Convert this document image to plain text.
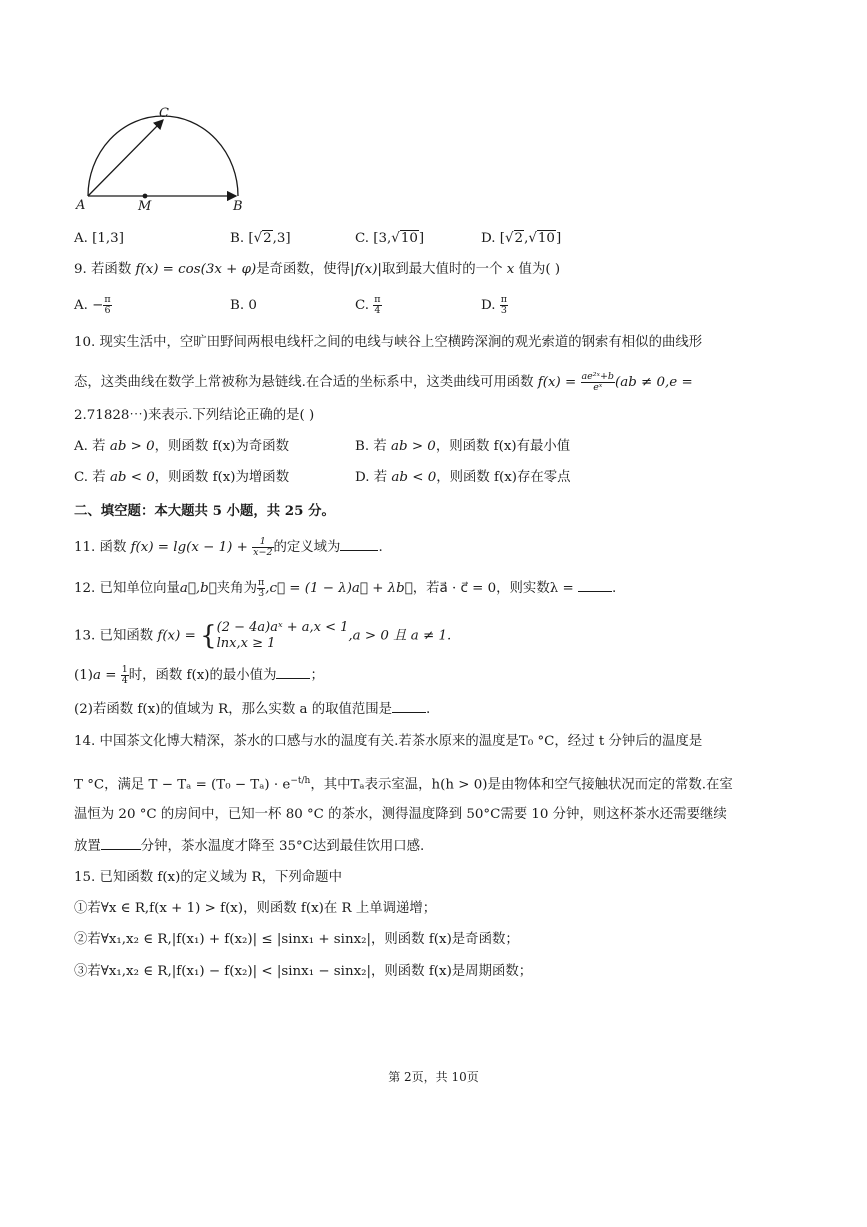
A	M	B
C
A. [1,3]	B. [√2,3]	C. [3,√10]	D. [√2,√10]
9. 若函数 f(x) = cos(3x + φ)是奇函数，使得|f(x)|取到最大值时的一个 x 值为( )
A. − $\frac{\pi}{6}$	B. 0	C. $\frac{\pi}{4}$	D. $\frac{\pi}{3}$
10. 现实生活中，空旷田野间两根电线杆之间的电线与峡谷上空横跨深涧的观光索道的钢索有相似的曲线形
态，这类曲线在数学上常被称为悬链线.在合适的坐标系中，这类曲线可用函数 $f(x) = \frac{\text{ae²ˣ+b}}{\text{eˣ}} (ab \ne 0,e$ =
2.71828⋯)来表示.下列结论正确的是( )
A. 若 ab > 0，则函数 f(x)为奇函数	B. 若 ab > 0，则函数 f(x)有最小值
C. 若 ab < 0，则函数 f(x)为增函数	D. 若 ab < 0，则函数 f(x)存在零点
二、填空题：本大题共 5 小题，共 25 分。
11. 函数 $f(x) = \lg(x - 1) + \frac{1}{x-2}$ 的定义域为	.
12. 已知单位向量a⃗,b⃗夹角为 $\frac{\pi}{3}$ ,c⃗ = (1 − λ)a⃗ + λb⃗，若a⃗ · c⃗ = 0，则实数λ =	.
13. 已知函数 f(x) = { (2 − 4a)aˣ + a,x < 1
lnx,x ≥ 1	,a > 0 且 a ≠ 1.
$(1)a = \frac{1}{4}$ 时，函数 f(x)的最小值为	；
(2)若函数 f(x)的值域为 R，那么实数 a 的取值范围是	.
14. 中国茶文化博大精深，茶水的口感与水的温度有关.若茶水原来的温度是T₀ °C，经过 t 分钟后的温度是
T °C，满足 $T - T_a = (T_0 - T_a) \cdot e^{-t/h}$，其中Tₐ表示室温，h(h > 0)是由物体和空气接触状况而定的常数.在室
温恒为 20 °C 的房间中，已知一杯 80 °C 的茶水，测得温度降到 50°C需要 10 分钟，则这杯茶水还需要继续
放置	分钟，茶水温度才降至 35°C达到最佳饮用口感.
15. 已知函数 f(x)的定义域为 R，下列命题中
①若∀x ∈ R,f(x + 1) > f(x)，则函数 f(x)在 R 上单调递增；
②若∀x₁,x₂ ∈ R,|f(x₁) + f(x₂)| ≤ |sinx₁ + sinx₂|，则函数 f(x)是奇函数；
③若∀x₁,x₂ ∈ R,|f(x₁) − f(x₂)| < |sinx₁ − sinx₂|，则函数 f(x)是周期函数；
第 2页，共 10页
